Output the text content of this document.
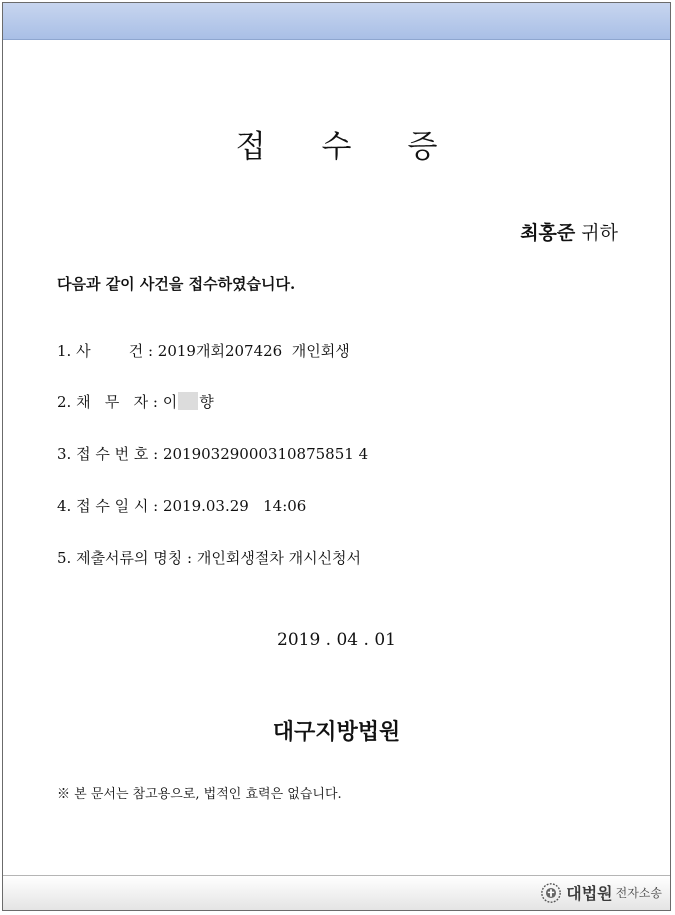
접 수 증
최홍준 귀하
다음과 같이 사건을 접수하였습니다.
1. 사        건 : 2019개회207426  개인회생
2. 채   무   자 : 이 향
3. 접 수 번 호 : 20190329000310875851 4
4. 접 수 일 시 : 2019.03.29   14:06
5. 제출서류의 명칭 : 개인회생절차 개시신청서
2019 . 04 . 01
대구지방법원
※ 본 문서는 참고용으로, 법적인 효력은 없습니다.
대법원 전자소송
